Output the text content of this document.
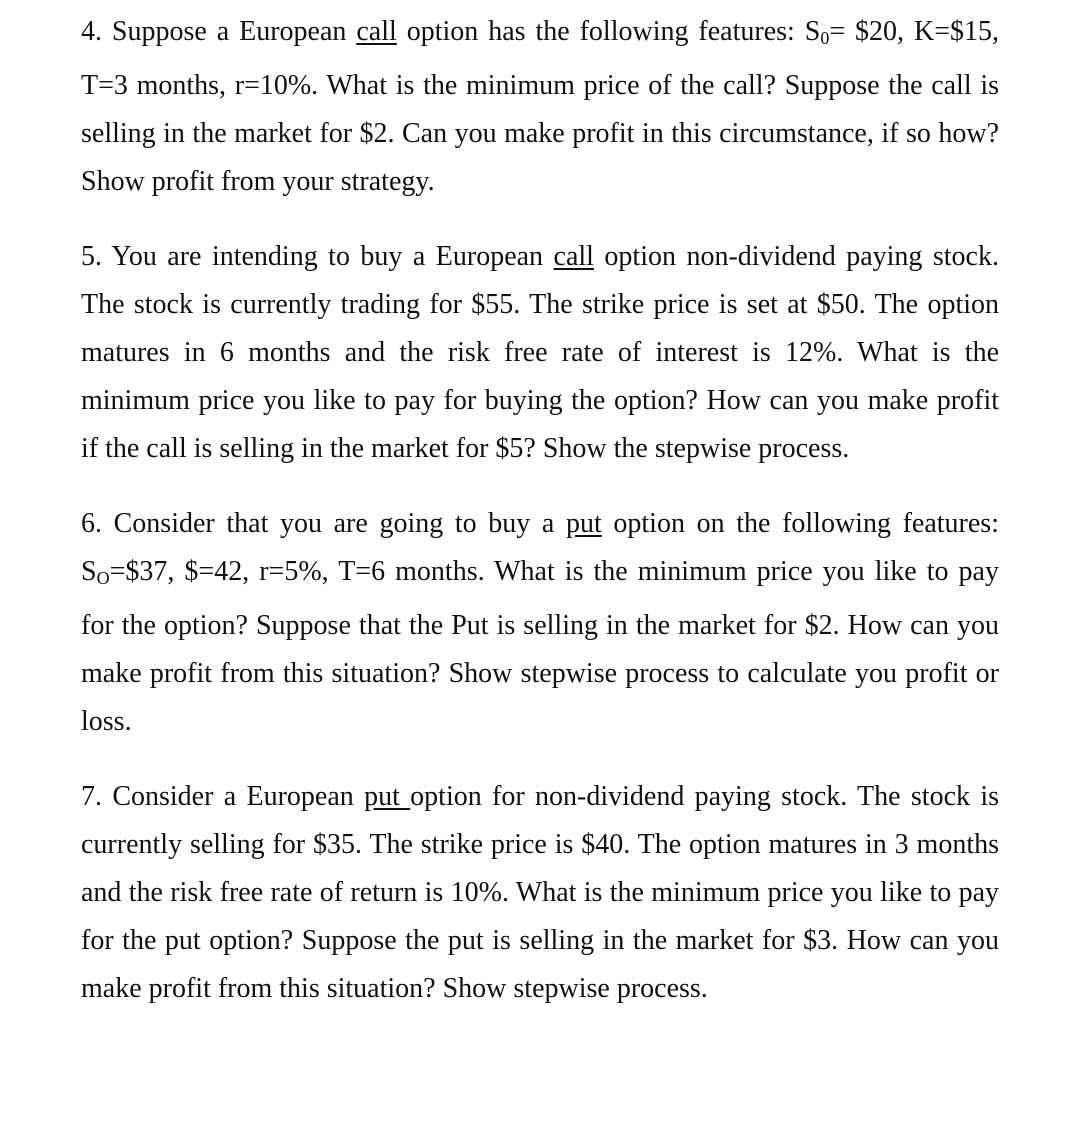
4. Suppose a European call option has the following features: $S_0=$ $20, K=$15, T=3 months, r=10%. What is the minimum price of the call? Suppose the call is selling in the market for $2. Can you make profit in this circumstance, if so how? Show profit from your strategy.

5. You are intending to buy a European call option non-dividend paying stock. The stock is currently trading for $55. The strike price is set at $50. The option matures in 6 months and the risk free rate of interest is 12%. What is the minimum price you like to pay for buying the option? How can you make profit if the call is selling in the market for $5? Show the stepwise process.

6. Consider that you are going to buy a put option on the following features: $S_O=\$37$, $=42, r=5%, T=6 months. What is the minimum price you like to pay for the option? Suppose that the Put is selling in the market for $2. How can you make profit from this situation? Show stepwise process to calculate you profit or loss.

7. Consider a European put option for non-dividend paying stock. The stock is currently selling for $35. The strike price is $40. The option matures in 3 months and the risk free rate of return is 10%. What is the minimum price you like to pay for the put option? Suppose the put is selling in the market for $3. How can you make profit from this situation? Show stepwise process.
